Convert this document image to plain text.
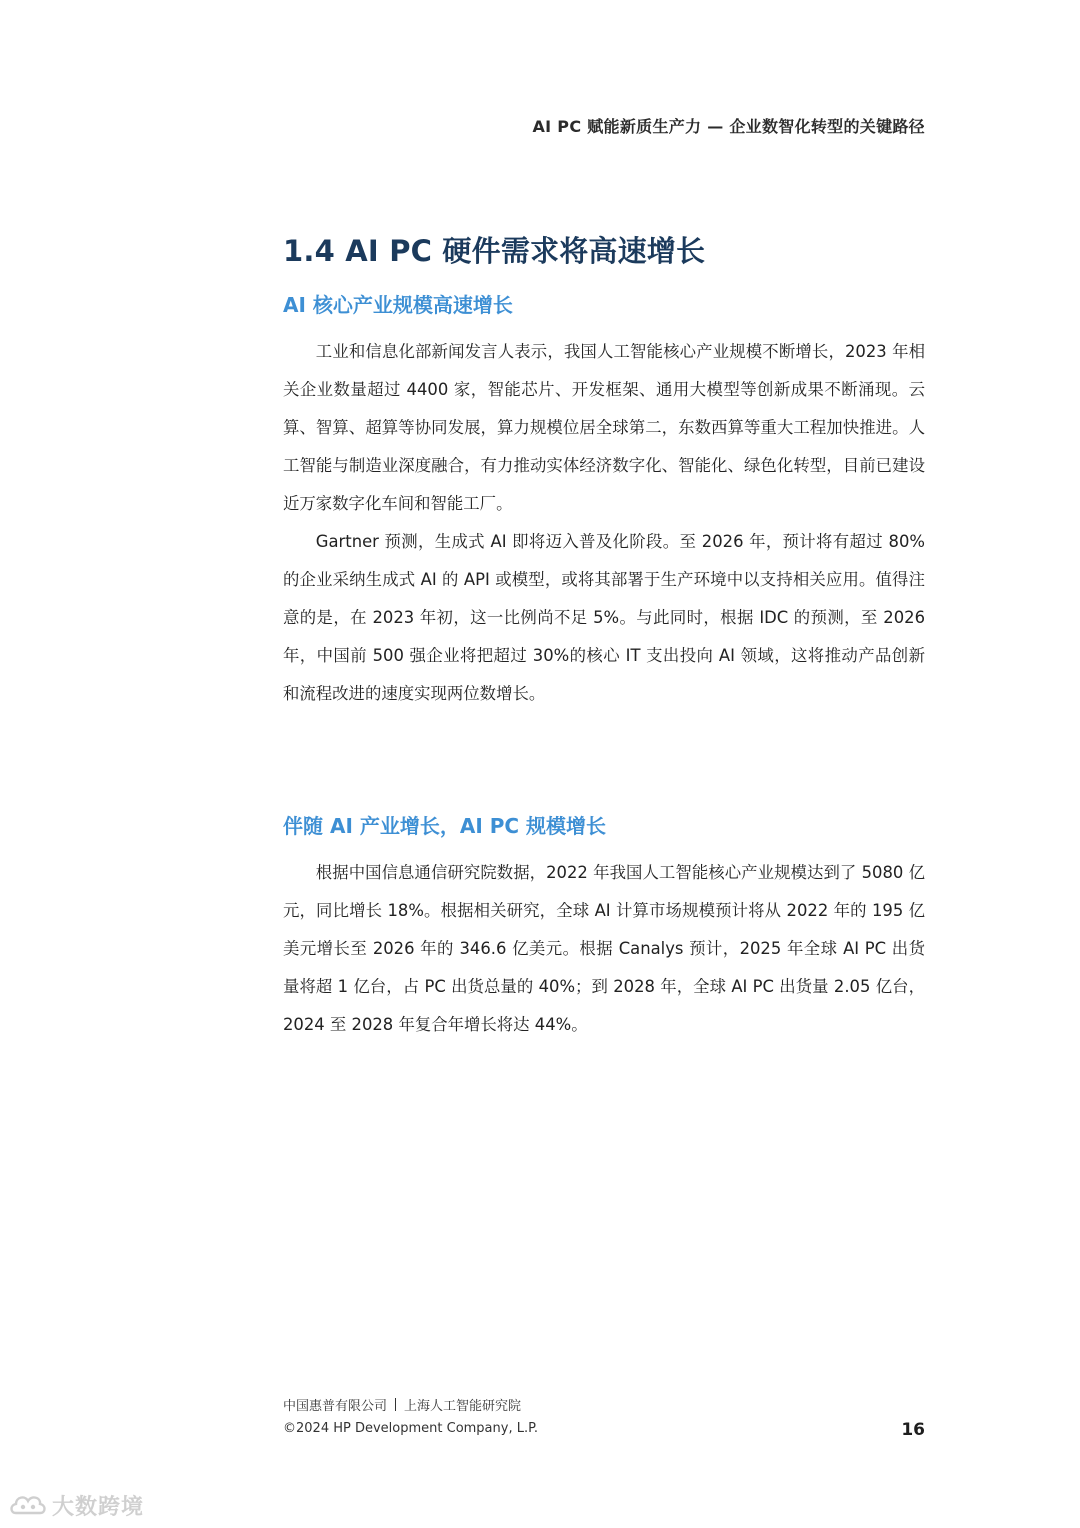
AI PC 赋能新质生产力 — 企业数智化转型的关键路径
1.4 AI PC 硬件需求将高速增长
AI 核心产业规模高速增长

工业和信息化部新闻发言人表示，我国人工智能核心产业规模不断增长，2023 年相关企业数量超过 4400 家，智能芯片、开发框架、通用大模型等创新成果不断涌现。云算、智算、超算等协同发展，算力规模位居全球第二，东数西算等重大工程加快推进。人工智能与制造业深度融合，有力推动实体经济数字化、智能化、绿色化转型，目前已建设近万家数字化车间和智能工厂。

Gartner 预测，生成式 AI 即将迈入普及化阶段。至 2026 年，预计将有超过 80%的企业采纳生成式 AI 的 API 或模型，或将其部署于生产环境中以支持相关应用。值得注意的是，在 2023 年初，这一比例尚不足 5%。与此同时，根据 IDC 的预测，至 2026 年，中国前 500 强企业将把超过 30%的核心 IT 支出投向 AI 领域，这将推动产品创新和流程改进的速度实现两位数增长。

伴随 AI 产业增长，AI PC 规模增长

根据中国信息通信研究院数据，2022 年我国人工智能核心产业规模达到了 5080 亿元，同比增长 18%。根据相关研究，全球 AI 计算市场规模预计将从 2022 年的 195 亿美元增长至 2026 年的 346.6 亿美元。根据 Canalys 预计，2025 年全球 AI PC 出货量将超 1 亿台，占 PC 出货总量的 40%；到 2028 年，全球 AI PC 出货量 2.05 亿台，2024 至 2028 年复合年增长将达 44%。

中国惠普有限公司 上海人工智能研究院
©2024 HP Development Company, L.P.	16
大数跨境
